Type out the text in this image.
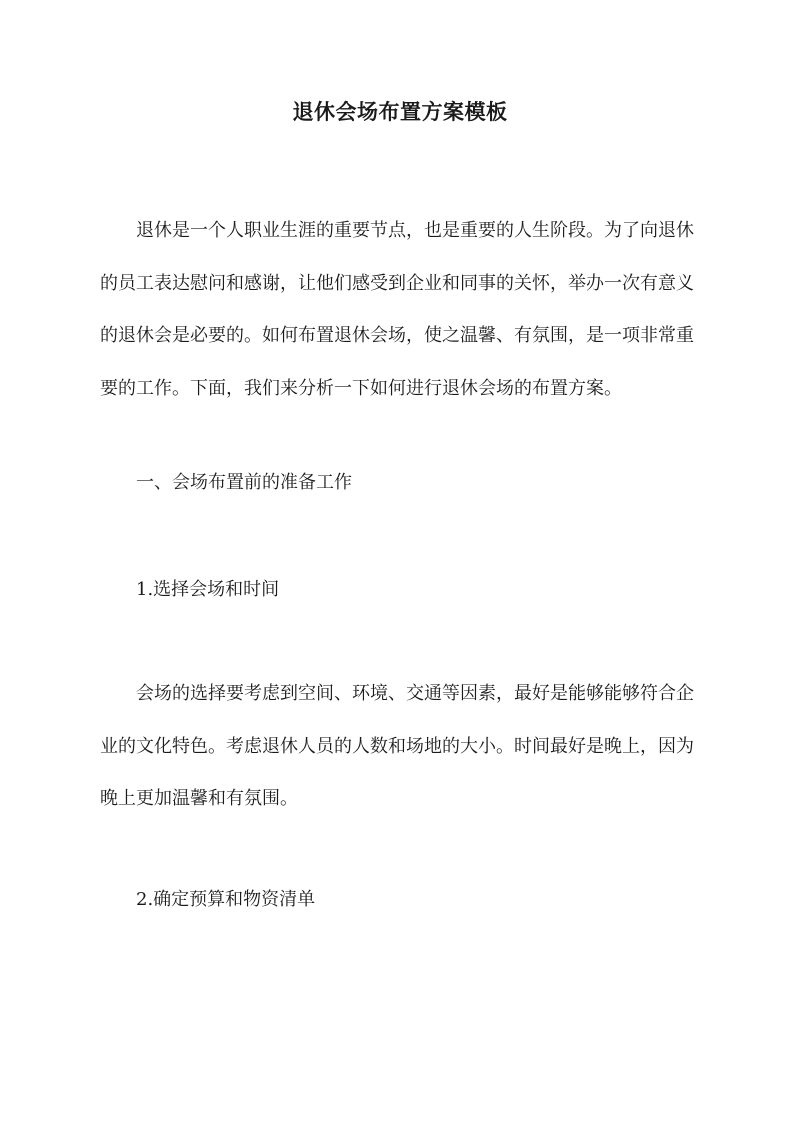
退休会场布置方案模板

退休是一个人职业生涯的重要节点，也是重要的人生阶段。为了向退休的员工表达慰问和感谢，让他们感受到企业和同事的关怀，举办一次有意义的退休会是必要的。如何布置退休会场，使之温馨、有氛围，是一项非常重要的工作。下面，我们来分析一下如何进行退休会场的布置方案。

一、会场布置前的准备工作

1.选择会场和时间

会场的选择要考虑到空间、环境、交通等因素，最好是能够能够符合企业的文化特色。考虑退休人员的人数和场地的大小。时间最好是晚上，因为晚上更加温馨和有氛围。

2.确定预算和物资清单
